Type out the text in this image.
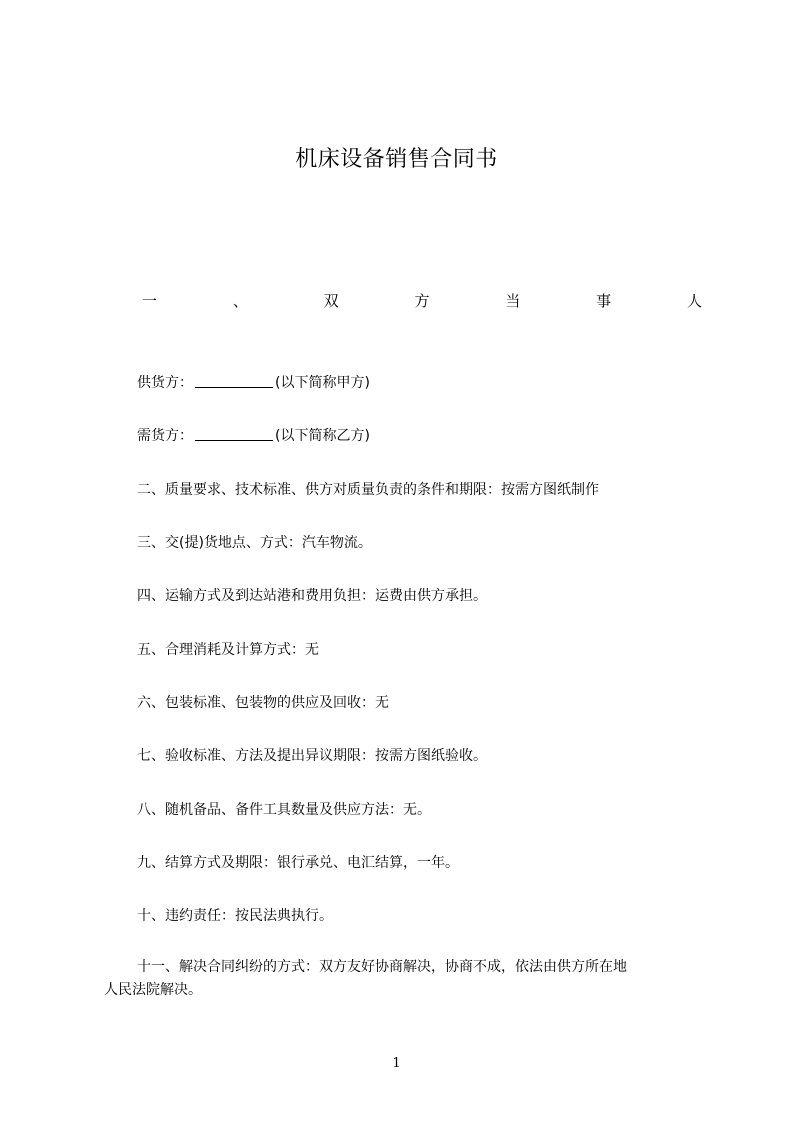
机床设备销售合同书
一	、	双	方	当	事	人
供货方：	(以下简称甲方)
需货方：	(以下简称乙方)
二、质量要求、技术标准、供方对质量负责的条件和期限：按需方图纸制作
三、交(提)货地点、方式：汽车物流。
四、运输方式及到达站港和费用负担：运费由供方承担。
五、合理消耗及计算方式：无
六、包装标准、包装物的供应及回收：无
七、验收标准、方法及提出异议期限：按需方图纸验收。
八、随机备品、备件工具数量及供应方法：无。
九、结算方式及期限：银行承兑、电汇结算，一年。
十、违约责任：按民法典执行。
十一、解决合同纠纷的方式：双方友好协商解决，协商不成，依法由供方所在地
人民法院解决。
1
